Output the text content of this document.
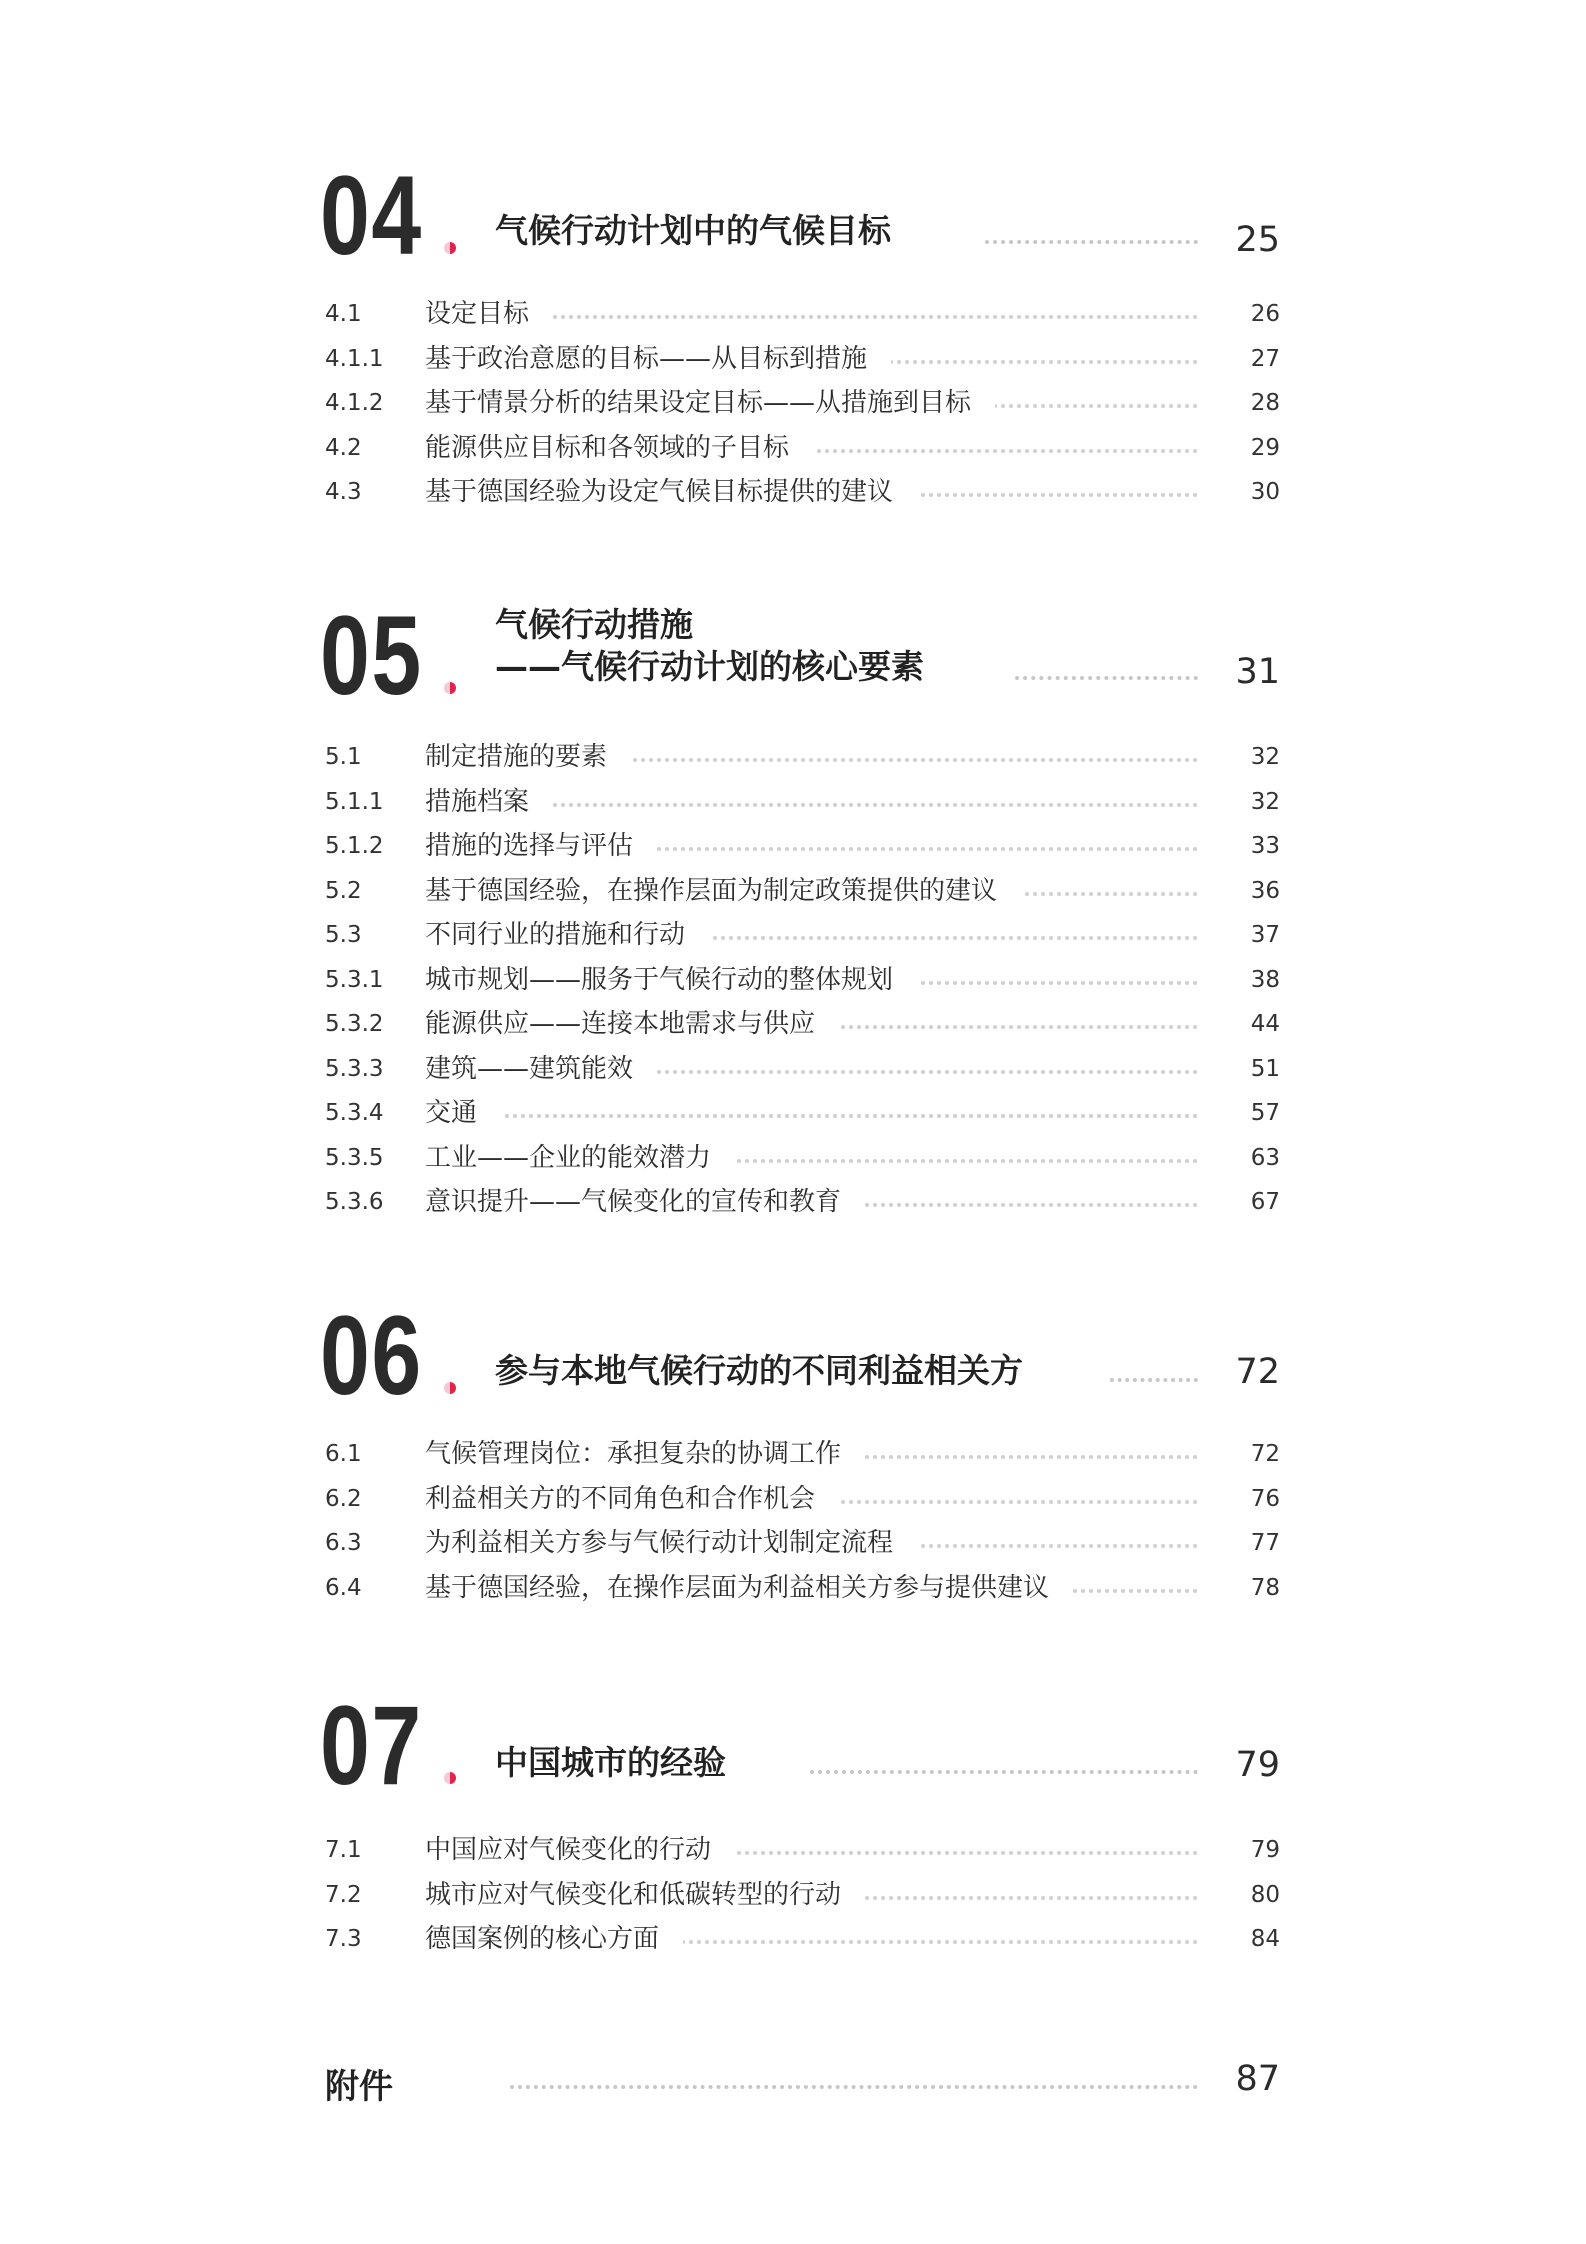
04 气候行动计划中的气候目标	25
4.1 设定目标	26
4.1.1 基于政治意愿的目标——从目标到措施	27
4.1.2 基于情景分析的结果设定目标——从措施到目标	28
4.2 能源供应目标和各领域的子目标	29
4.3 基于德国经验为设定气候目标提供的建议	30
05 气候行动措施
——气候行动计划的核心要素	31
5.1 制定措施的要素	32
5.1.1 措施档案	32
5.1.2 措施的选择与评估	33
5.2 基于德国经验，在操作层面为制定政策提供的建议	36
5.3 不同行业的措施和行动	37
5.3.1 城市规划——服务于气候行动的整体规划	38
5.3.2 能源供应——连接本地需求与供应	44
5.3.3 建筑——建筑能效	51
5.3.4 交通	57
5.3.5 工业——企业的能效潜力	63
5.3.6 意识提升——气候变化的宣传和教育	67
06 参与本地气候行动的不同利益相关方	72
6.1 气候管理岗位：承担复杂的协调工作	72
6.2 利益相关方的不同角色和合作机会	76
6.3 为利益相关方参与气候行动计划制定流程	77
6.4 基于德国经验，在操作层面为利益相关方参与提供建议	78
07 中国城市的经验	79
7.1 中国应对气候变化的行动	79
7.2 城市应对气候变化和低碳转型的行动	80
7.3 德国案例的核心方面	84
附件	87
